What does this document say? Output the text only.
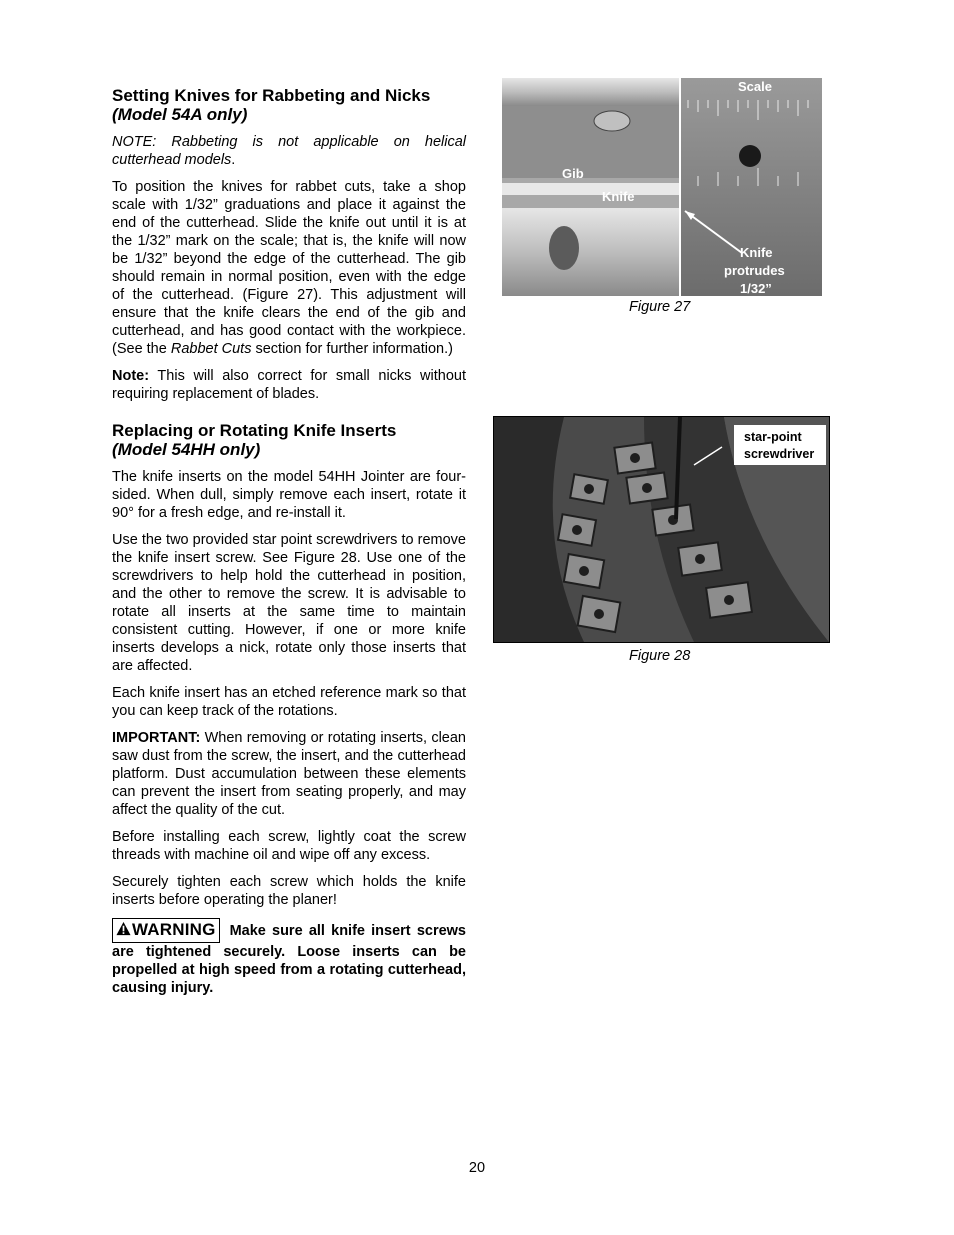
Setting Knives for Rabbeting and Nicks
(Model 54A only)

NOTE: Rabbeting is not applicable on helical cutterhead models.

To position the knives for rabbet cuts, take a shop scale with 1/32” graduations and place it against the end of the cutterhead. Slide the knife out until it is at the 1/32” mark on the scale; that is, the knife will now be 1/32” beyond the edge of the cutterhead. The gib should remain in normal position, even with the edge of the cutterhead. (Figure 27). This adjustment will ensure that the knife clears the end of the gib and cutterhead, and has good contact with the workpiece. (See the Rabbet Cuts section for further information.)

Note: This will also correct for small nicks without requiring replacement of blades.

Replacing or Rotating Knife Inserts
(Model 54HH only)

The knife inserts on the model 54HH Jointer are four-sided. When dull, simply remove each insert, rotate it 90° for a fresh edge, and re-install it.

Use the two provided star point screwdrivers to remove the knife insert screw. See Figure 28. Use one of the screwdrivers to help hold the cutterhead in position, and the other to remove the screw. It is advisable to rotate all inserts at the same time to maintain consistent cutting. However, if one or more knife inserts develops a nick, rotate only those inserts that are affected.

Each knife insert has an etched reference mark so that you can keep track of the rotations.

IMPORTANT: When removing or rotating inserts, clean saw dust from the screw, the insert, and the cutterhead platform. Dust accumulation between these elements can prevent the insert from seating properly, and may affect the quality of the cut.

Before installing each screw, lightly coat the screw threads with machine oil and wipe off any excess.

Securely tighten each screw which holds the knife inserts before operating the planer!

WARNING Make sure all knife insert screws are tightened securely. Loose inserts can be propelled at high speed from a rotating cutterhead, causing injury.

Scale
Gib
Knife
Knife
protrudes
1/32”
Figure 27
star-point
screwdriver
Figure 28
20
